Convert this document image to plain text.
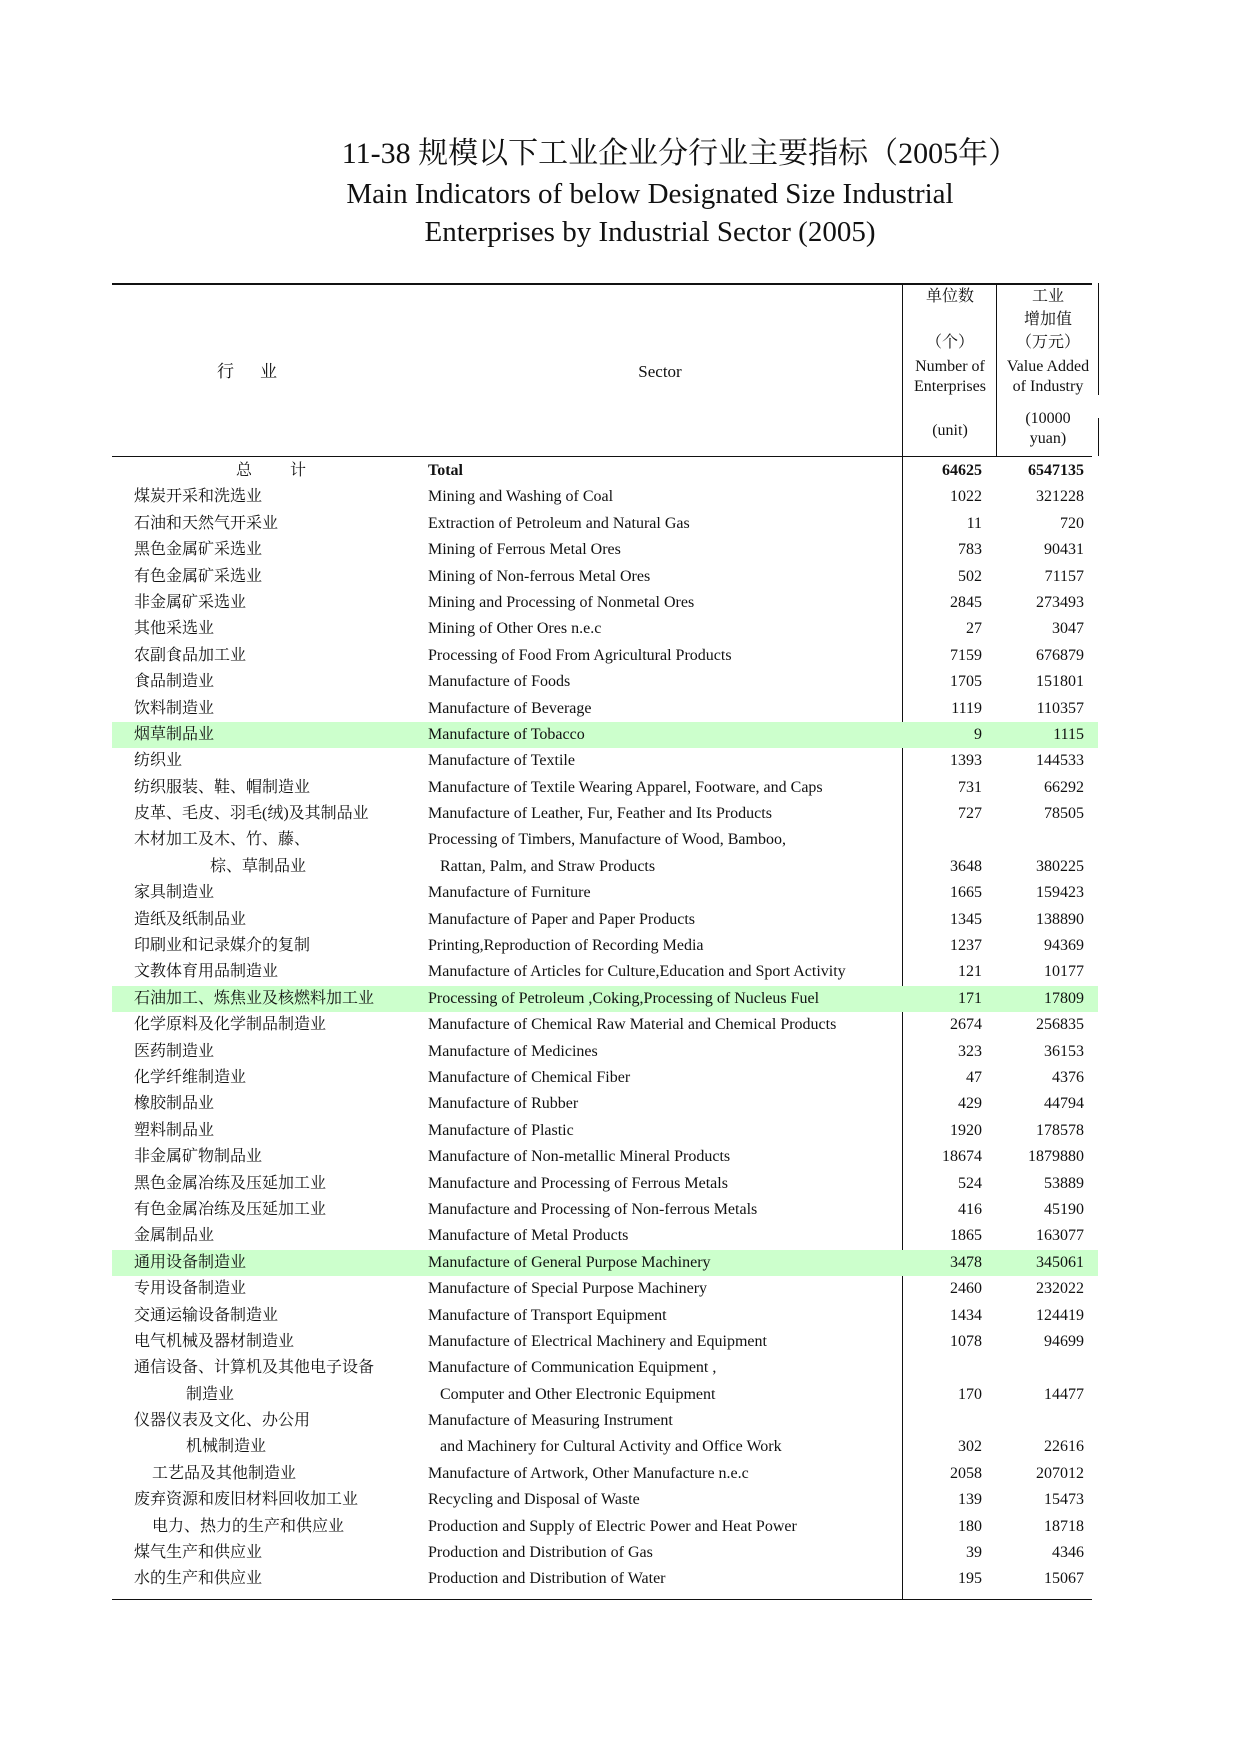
11-38 规模以下工业企业分行业主要指标（2005年）
Main Indicators of below Designated Size Industrial
Enterprises by Industrial Sector (2005)
行业	Sector
单位数
（个）
Number of
Enterprises
(unit)
工业
增加值
（万元）
Value Added
of Industry
(10000
yuan)
总计	Total	64625	6547135
煤炭开采和洗选业	Mining and Washing of Coal	1022	321228
石油和天然气开采业	Extraction of Petroleum and Natural Gas	11	720
黑色金属矿采选业	Mining of Ferrous Metal Ores	783	90431
有色金属矿采选业	Mining of Non-ferrous Metal Ores	502	71157
非金属矿采选业	Mining and Processing of Nonmetal Ores	2845	273493
其他采选业	Mining of Other Ores n.e.c	27	3047
农副食品加工业	Processing of Food From Agricultural Products	7159	676879
食品制造业	Manufacture of Foods	1705	151801
饮料制造业	Manufacture of Beverage	1119	110357
烟草制品业	Manufacture of Tobacco	9	1115
纺织业	Manufacture of Textile	1393	144533
纺织服装、鞋、帽制造业	Manufacture of Textile Wearing Apparel, Footware, and Caps	731	66292
皮革、毛皮、羽毛(绒)及其制品业	Manufacture of Leather, Fur, Feather and Its Products	727	78505
木材加工及木、竹、藤、	Processing of Timbers, Manufacture of Wood, Bamboo,
棕、草制品业	Rattan, Palm, and Straw Products	3648	380225
家具制造业	Manufacture of Furniture	1665	159423
造纸及纸制品业	Manufacture of Paper and Paper Products	1345	138890
印刷业和记录媒介的复制	Printing,Reproduction of Recording Media	1237	94369
文教体育用品制造业	Manufacture of Articles for Culture,Education and Sport Activity	121	10177
石油加工、炼焦业及核燃料加工业	Processing of Petroleum ,Coking,Processing of Nucleus Fuel	171	17809
化学原料及化学制品制造业	Manufacture of Chemical Raw Material and Chemical Products	2674	256835
医药制造业	Manufacture of Medicines	323	36153
化学纤维制造业	Manufacture of Chemical Fiber	47	4376
橡胶制品业	Manufacture of Rubber	429	44794
塑料制品业	Manufacture of Plastic	1920	178578
非金属矿物制品业	Manufacture of Non-metallic Mineral Products	18674	1879880
黑色金属冶练及压延加工业	Manufacture and Processing of Ferrous Metals	524	53889
有色金属冶练及压延加工业	Manufacture and Processing of Non-ferrous Metals	416	45190
金属制品业	Manufacture of Metal Products	1865	163077
通用设备制造业	Manufacture of General Purpose Machinery	3478	345061
专用设备制造业	Manufacture of Special Purpose Machinery	2460	232022
交通运输设备制造业	Manufacture of Transport Equipment	1434	124419
电气机械及器材制造业	Manufacture of Electrical Machinery and Equipment	1078	94699
通信设备、计算机及其他电子设备	Manufacture of Communication Equipment ,
制造业	Computer and Other Electronic Equipment	170	14477
仪器仪表及文化、办公用	Manufacture of Measuring Instrument
机械制造业	and Machinery for Cultural Activity and Office Work	302	22616
工艺品及其他制造业	Manufacture of Artwork, Other Manufacture n.e.c	2058	207012
废弃资源和废旧材料回收加工业	Recycling and Disposal of Waste	139	15473
电力、热力的生产和供应业	Production and Supply of Electric Power and Heat Power	180	18718
煤气生产和供应业	Production and Distribution of Gas	39	4346
水的生产和供应业	Production and Distribution of Water	195	15067
